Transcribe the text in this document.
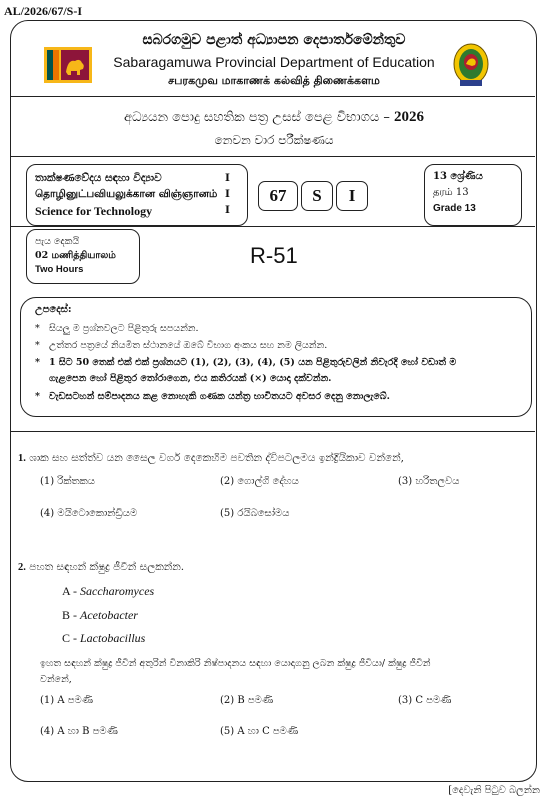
AL/2026/67/S-I
සබරගමුව පළාත් අධ්‍යාපන දෙපාර්තමේන්තුව
Sabaragamuwa Provincial Department of Education
சபரகமுவ மாகாணக் கல்வித் திணைக்களம
අධ්‍යයන පොදු සහතික පත්‍ර උසස් පෙළ විභාගය – 2026
නෙවන වාර පරීක්ෂණය
තාක්ෂණවේදය සඳහා විද්‍යාව	I
தொழினுட்பவியலுக்கான விஞ்ஞானம் I
Science for Technology	I
67	S	I
13 ශ්‍රේණිය
தரம் 13
Grade 13
පැය දෙකයි
02 மணித்தியாலம்
Two Hours
R-51
උපදෙස්:
* සියලු ම ප්‍රශ්නවලට පිළිතුරු සපයන්න.
* උත්තර පත්‍රයේ නියමිත ස්ථානයේ ඔබේ විභාග අංකය සහ නම ලියන්න.
* 1 සිට 50 තෙක් එක් එක් ප්‍රශ්නයට (1), (2), (3), (4), (5) යන පිළිතුරුවලින් නිවැරදි හෝ වඩාත් ම
ගැළපෙන හෝ පිළිතුර තෝරාගෙන, එය කතිරයක් (×) යොදා දක්වන්න.
* වැඩසටහන් සම්පාදනය කළ නොහැකි ගණක යන්ත්‍ර භාවිතයට අවසර දෙනු නොලැබේ.
1. ශාක සහ සත්ත්ව යන සෛල වර්ග දෙකෙහිම පවතින ද්විපටලමය ඉන්ද්‍රියිකාව වන්නේ,
(1) රික්තකය	(2) ගොල්ගි දේහය	(3) හරිතලවය
(4) මයිටොකොන්ඩ්‍රියම	(5) රයිබසෝමය
2. පහත සඳහන් ක්ෂුද්‍ර ජීවීන් සලකන්න.
A - Saccharomyces
B - Acetobacter
C - Lactobacillus
ඉහත සඳහන් ක්ෂුද්‍ර ජීවීන් අතුරින් විනාකිරි නිෂ්පාදනය සඳහා යොදාගනු ලබන ක්ෂුද්‍ර ජීවියා/ ක්ෂුද්‍ර ජීවීන්
වන්නේ,
(1) A පමණි	(2) B පමණි	(3) C පමණි
(4) A හා B පමණි	(5) A හා C පමණි
[දෙවැනි පිටුව බලන්න
